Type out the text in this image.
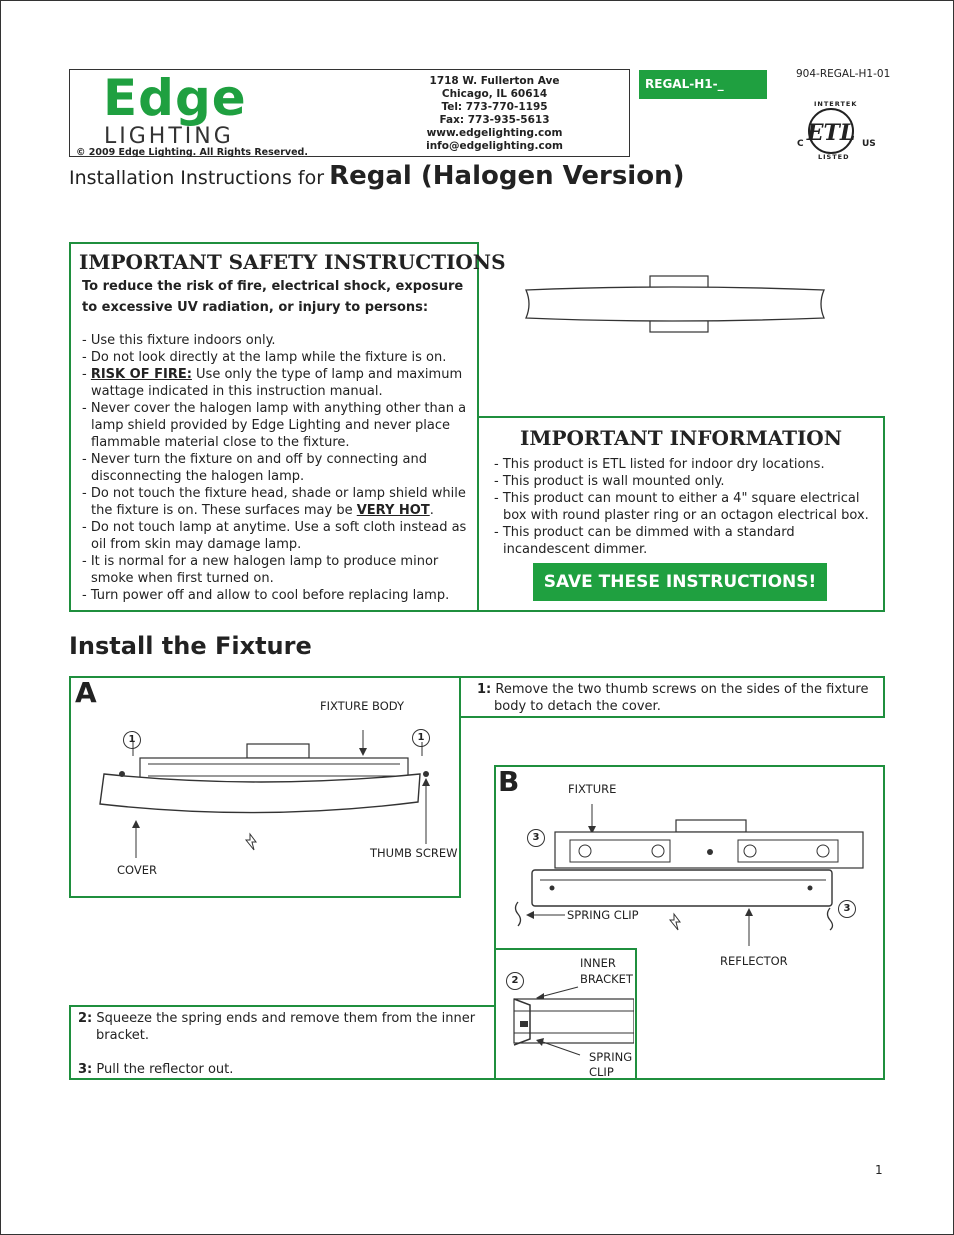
Edge
LIGHTING
© 2009 Edge Lighting. All Rights Reserved.
1718 W. Fullerton Ave
Chicago, IL 60614
Tel: 773-770-1195
Fax: 773-935-5613
www.edgelighting.com
info@edgelighting.com
REGAL-H1-_
904-REGAL-H1-01
ETL
INTERTEK
LISTED
C	US
Installation Instructions for Regal (Halogen Version)
IMPORTANT SAFETY INSTRUCTIONS
To reduce the risk of fire, electrical shock, exposure to excessive UV radiation, or injury to persons:
- Use this fixture indoors only.
- Do not look directly at the lamp while the fixture is on.
- RISK OF FIRE: Use only the type of lamp and maximum wattage indicated in this instruction manual.
- Never cover the halogen lamp with anything other than a lamp shield provided by Edge Lighting and never place flammable material close to the fixture.
- Never turn the fixture on and off by connecting and disconnecting the halogen lamp.
- Do not touch the fixture head, shade or lamp shield while the fixture is on. These surfaces may be VERY HOT.
- Do not touch lamp at anytime. Use a soft cloth instead as oil from skin may damage lamp.
- It is normal for a new halogen lamp to produce minor smoke when first turned on.
- Turn power off and allow to cool before replacing lamp.
IMPORTANT INFORMATION
- This product is ETL listed for indoor dry locations.
- This product is wall mounted only.
- This product can mount to either a 4" square electrical box with round plaster ring or an octagon electrical box.
- This product can be dimmed with a standard incandescent dimmer.
SAVE THESE INSTRUCTIONS!
Install the Fixture
A	FIXTURE BODY
COVER
THUMB SCREW
1	1
1: Remove the two thumb screws on the sides of the fixture body to detach the cover.
B	FIXTURE
SPRING CLIP
REFLECTOR
3
3
INNER
BRACKET
SPRING
CLIP
2
2: Squeeze the spring ends and remove them from the inner bracket.
3: Pull the reflector out.
1
